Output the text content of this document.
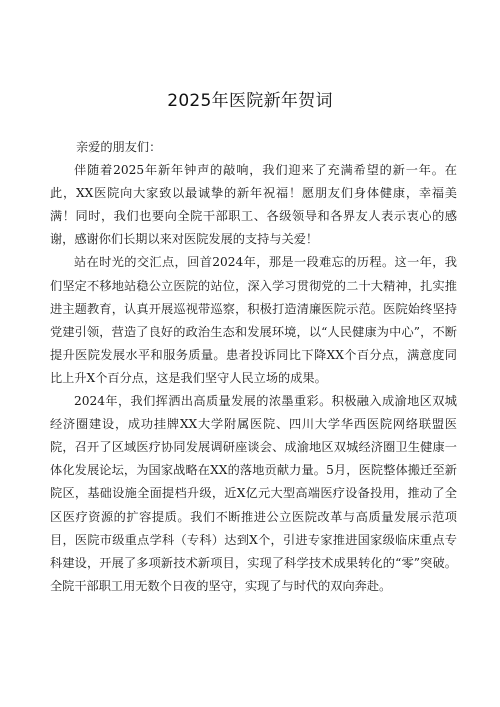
2025年医院新年贺词

亲爱的朋友们：

伴随着2025年新年钟声的敲响，我们迎来了充满希望的新一年。在此，XX医院向大家致以最诚挚的新年祝福！愿朋友们身体健康，幸福美满！同时，我们也要向全院干部职工、各级领导和各界友人表示衷心的感谢，感谢你们长期以来对医院发展的支持与关爱！

站在时光的交汇点，回首2024年，那是一段难忘的历程。这一年，我们坚定不移地站稳公立医院的站位，深入学习贯彻党的二十大精神，扎实推进主题教育，认真开展巡视带巡察，积极打造清廉医院示范。医院始终坚持党建引领，营造了良好的政治生态和发展环境，以“人民健康为中心”，不断提升医院发展水平和服务质量。患者投诉同比下降XX个百分点，满意度同比上升X个百分点，这是我们坚守人民立场的成果。

2024年，我们挥洒出高质量发展的浓墨重彩。积极融入成渝地区双城经济圈建设，成功挂牌XX大学附属医院、四川大学华西医院网络联盟医院，召开了区域医疗协同发展调研座谈会、成渝地区双城经济圈卫生健康一体化发展论坛，为国家战略在XX的落地贡献力量。5月，医院整体搬迁至新院区，基础设施全面提档升级，近X亿元大型高端医疗设备投用，推动了全区医疗资源的扩容提质。我们不断推进公立医院改革与高质量发展示范项目，医院市级重点学科（专科）达到X个，引进专家推进国家级临床重点专科建设，开展了多项新技术新项目，实现了科学技术成果转化的“零”突破。全院干部职工用无数个日夜的坚守，实现了与时代的双向奔赴。
